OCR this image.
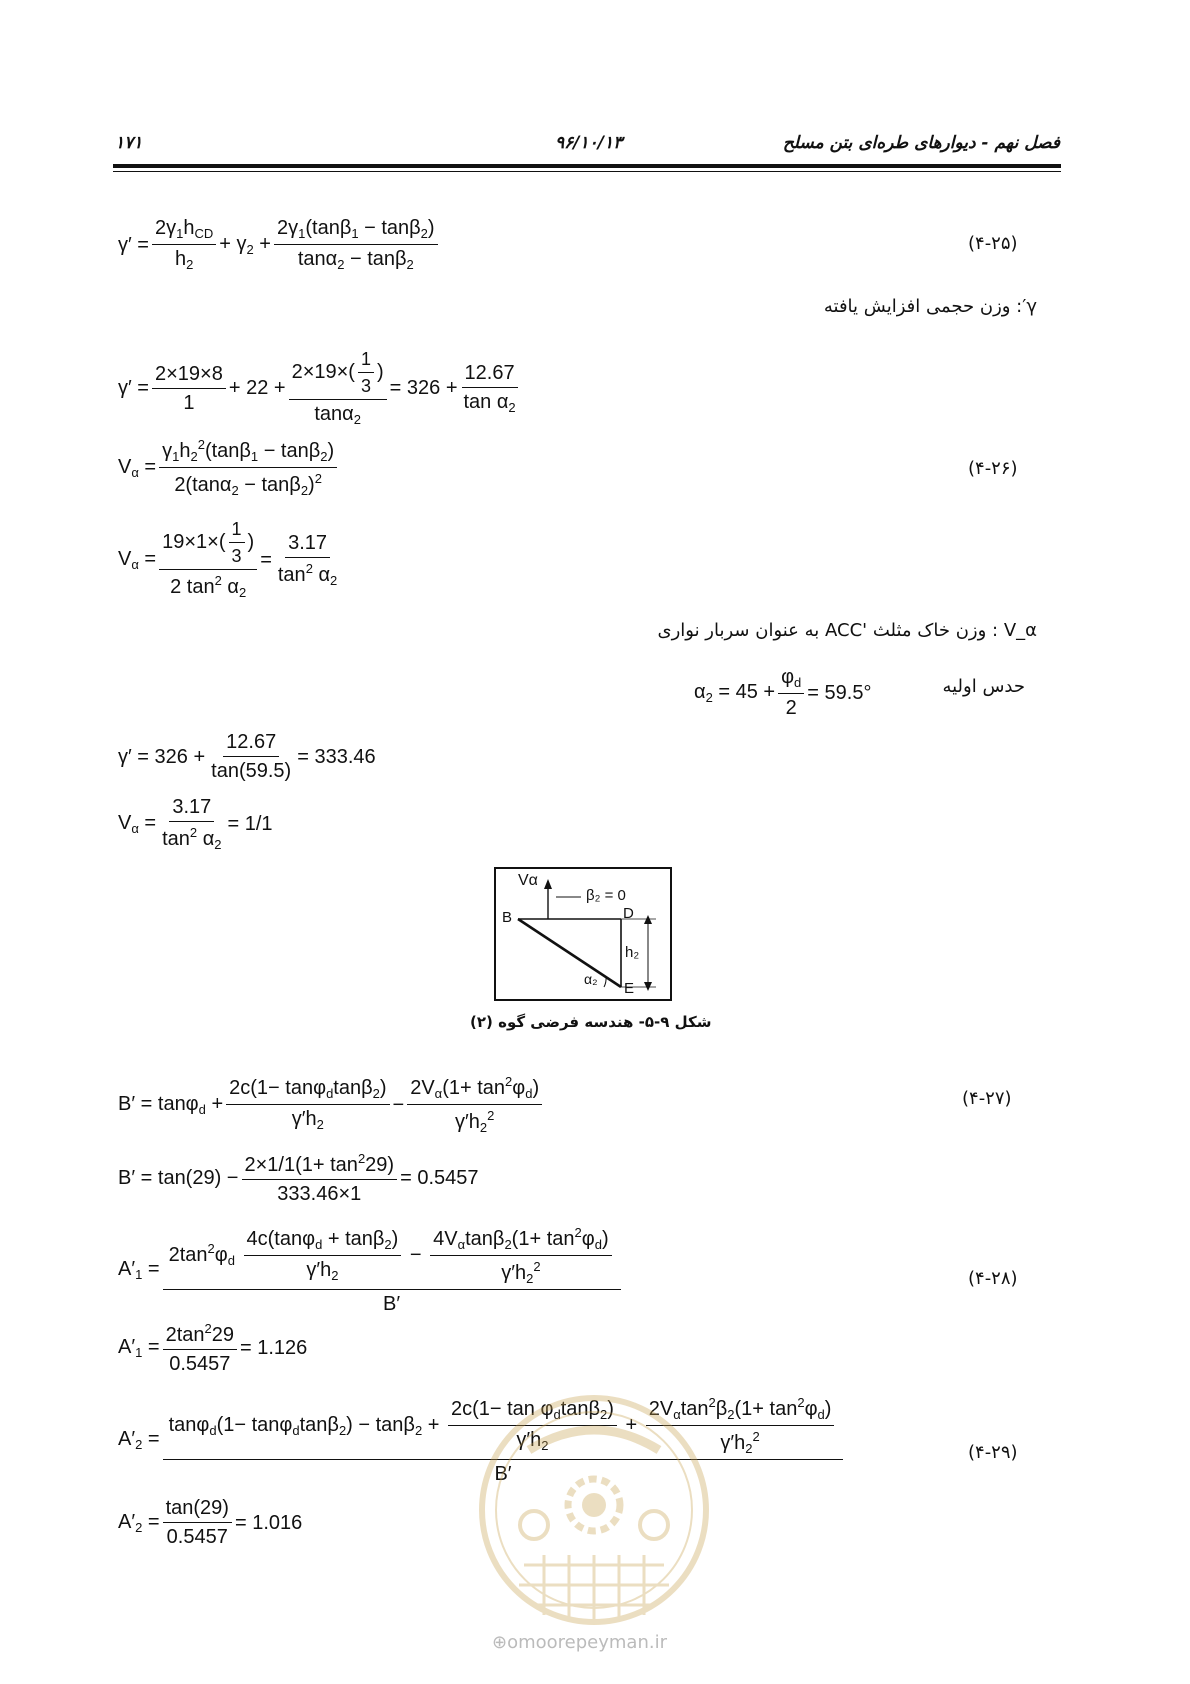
۱۷۱	۹۶/۱۰/۱۳	فصل نهم - دیوارهای طره‌ای بتن مسلح
γ′ =
$2\gamma_1h_{CD}$
$h_2$
+ $\gamma_2 + \frac{2\gamma_1(\tan\beta_1 - \tan\beta_2)}{\tan\alpha_2 - \tan\beta_2}$	(۴-۲۵)
γ′: وزن حجمی افزایش یافته
$\gamma' = \frac{2\times 19\times 8}{1} + 22 + \frac{2\times 19\times( \frac{1}{3} )}{\tan\alpha_2} = 326 + \frac{12.67}{\tan \alpha_2}$
$V_\alpha = \frac{\gamma_1h_2^2(\tan\beta_1 - \tan\beta_2)}{2(\tan\alpha_2 - \tan\beta_2)^2}$	(۴-۲۶)
$V_\alpha = \frac{19\times 1\times( \frac{1}{3} )}{2 \tan^2 \alpha_2} = \frac{3.17}{\tan^2 \alpha_2}$
V_α : وزن خاک مثلث 'ACC به عنوان سربار نواری
حدس اولیه
$\alpha_2 = 45 + \frac{\varphi_d}{2} = 59.5^\circ$
$\gamma' = 326 + \frac{12.67}{\tan(59.5)} = 333.46$
$V_\alpha = \frac{3.17}{\tan^2 \alpha_2} = 1/1$
Vα
β₂ = 0
B	D
h₂
E
α₂
شکل ۹-۵- هندسه فرضی گوه (۲)
$B' = \tan\varphi_d + \frac{2c(1- \tan\varphi_d\tan\beta_2)}{\gamma'h_2} - \frac{2V_\alpha(1+ \tan^2\varphi_d)}{\gamma'h_2^2}$	(۴-۲۷)
$B' = \tan(29) - \frac{2\times 1/1(1+ \tan^229)}{333.46\times 1} = 0.5457$
$A'_1$ =
$2\tan^2\varphi_d \frac{4c(\tan\varphi_d + \tan\beta_2)}{\gamma'h_2} - \frac{4V_\alpha\tan\beta_2(1+ \tan^2\varphi_d)}{\gamma'h_2^2}$
B′
(۴-۲۸)
$A'_1 = \frac{2\tan^229}{0.5457} = 1.126$
$A'_2$ =
$\tan\varphi_d(1- \tan\varphi_d\tan\beta_2) - \tan\beta_2 + \frac{2c(1- \tan \varphi_d\tan\beta_2)}{\gamma'h_2} + \frac{2V_\alpha\tan^2\beta_2(1+ \tan^2\varphi_d)}{\gamma'h_2^2}$
B′
(۴-۲۹)
$A'_2 = \frac{\tan(29)}{0.5457} = 1.016$
⊕omoorepeyman.ir
